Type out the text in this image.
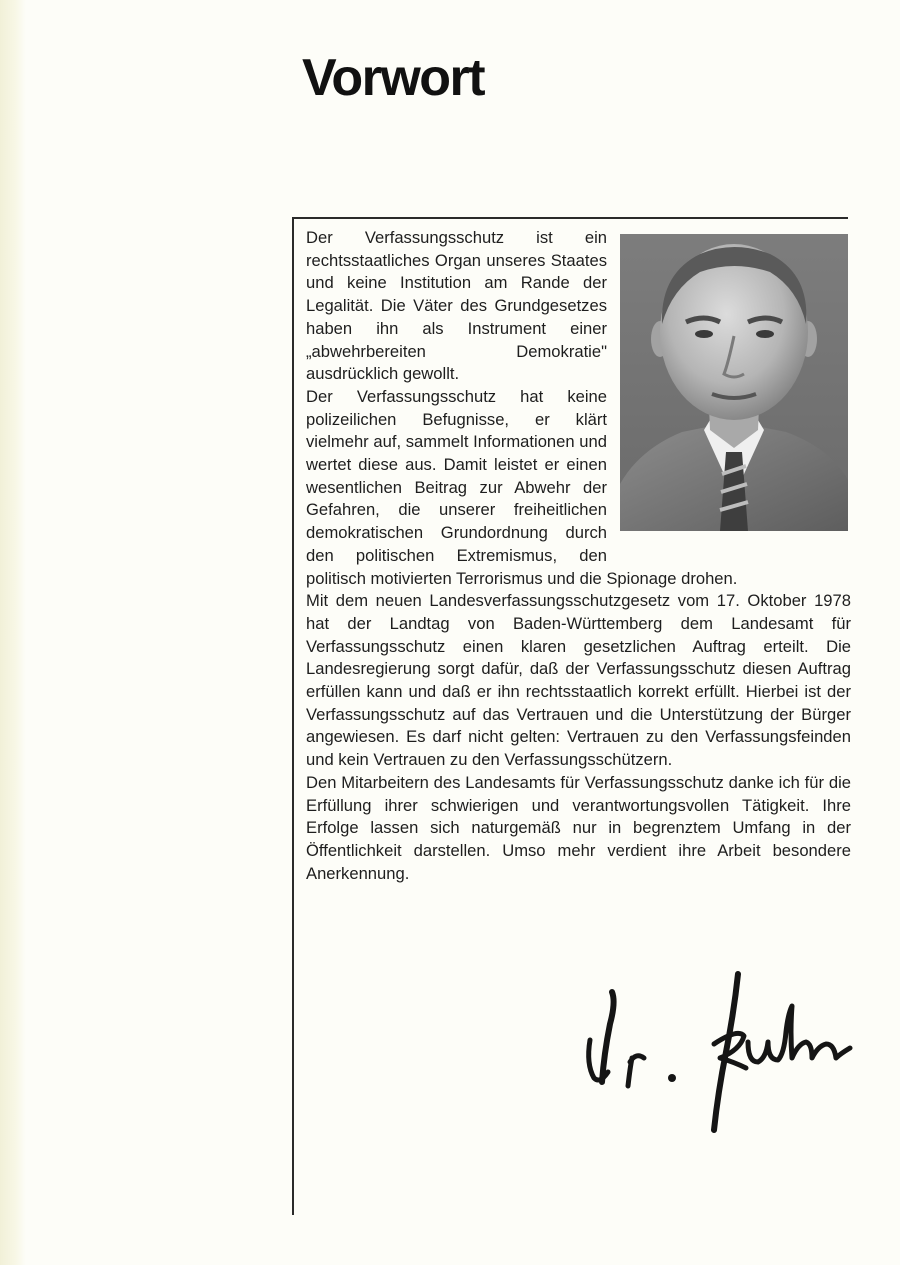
Vorwort

Der Verfassungsschutz ist ein rechtsstaatliches Organ unseres Staates und keine Institution am Rande der Legalität. Die Väter des Grundgesetzes haben ihn als Instrument einer „abwehrbereiten Demokratie" ausdrücklich gewollt.

Der Verfassungsschutz hat keine polizeilichen Befugnisse, er klärt vielmehr auf, sammelt Informationen und wertet diese aus. Damit leistet er einen wesentlichen Beitrag zur Abwehr der Gefahren, die unserer freiheitlichen demokratischen Grundordnung durch den politischen Extremismus, den politisch motivierten Terrorismus und die Spionage drohen.

Mit dem neuen Landesverfassungsschutzgesetz vom 17. Oktober 1978 hat der Landtag von Baden-Württemberg dem Landesamt für Verfassungsschutz einen klaren gesetzlichen Auftrag erteilt. Die Landesregierung sorgt dafür, daß der Verfassungsschutz diesen Auftrag erfüllen kann und daß er ihn rechtsstaatlich korrekt erfüllt. Hierbei ist der Verfassungsschutz auf das Vertrauen und die Unterstützung der Bürger angewiesen. Es darf nicht gelten: Vertrauen zu den Verfassungsfeinden und kein Vertrauen zu den Verfassungsschützern.

Den Mitarbeitern des Landesamts für Verfassungsschutz danke ich für die Erfüllung ihrer schwierigen und verantwortungsvollen Tätigkeit. Ihre Erfolge lassen sich naturgemäß nur in begrenztem Umfang in der Öffentlichkeit darstellen. Umso mehr verdient ihre Arbeit besondere Anerkennung.
